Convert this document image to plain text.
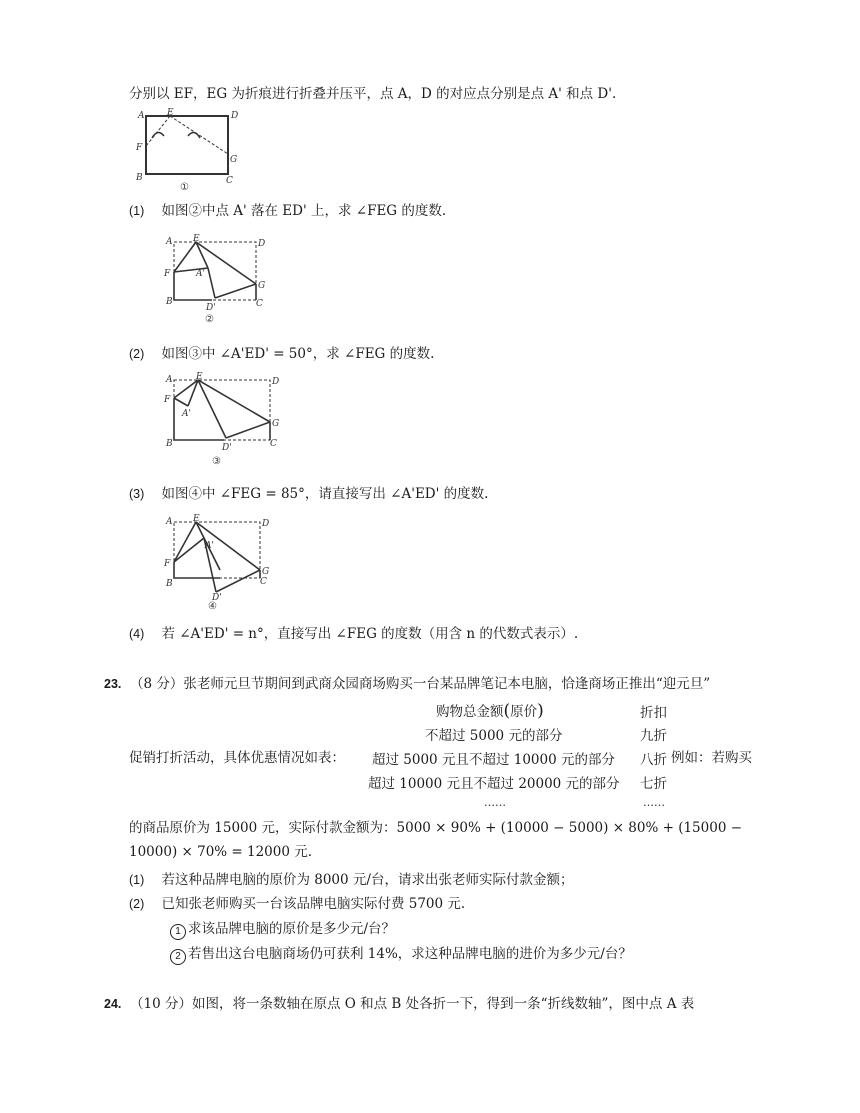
分别以 EF，EG 为折痕进行折叠并压平，点 A，D 的对应点分别是点 A' 和点 D'.
A	E	D
F
G
B	C
①
(1) 如图②中点 A' 落在 ED' 上，求 ∠FEG 的度数.
A E	D
F	A'
G
B
D'	C
②
(2) 如图③中 ∠A'ED' = 50°，求 ∠FEG 的度数.
A	E	D
F
A'
G
B	D'	C
③
(3) 如图④中 ∠FEG = 85°，请直接写出 ∠A'ED' 的度数.
A E	D
A'
F
G
B
D'
C
④
(4) 若 ∠A'ED' = n°，直接写出 ∠FEG 的度数（用含 n 的代数式表示）.
23. （8 分）张老师元旦节期间到武商众园商场购买一台某品牌笔记本电脑，恰逢商场正推出“迎元旦”
购物总金额(原价)	折扣
不超过 5000 元的部分	九折
促销打折活动，具体优惠情况如表： 超过 5000 元且不超过 10000 元的部分 八折 例如：若购买
超过 10000 元且不超过 20000 元的部分 七折
……	……
的商品原价为 15000 元，实际付款金额为：5000 × 90% + (10000 − 5000) × 80% + (15000 −
10000) × 70% = 12000 元.
(1) 若这种品牌电脑的原价为 8000 元/台，请求出张老师实际付款金额；
(2) 已知张老师购买一台该品牌电脑实际付费 5700 元.
1 求该品牌电脑的原价是多少元/台？
2 若售出这台电脑商场仍可获利 14%，求这种品牌电脑的进价为多少元/台？
24. （10 分）如图，将一条数轴在原点 O 和点 B 处各折一下，得到一条“折线数轴”，图中点 A 表
